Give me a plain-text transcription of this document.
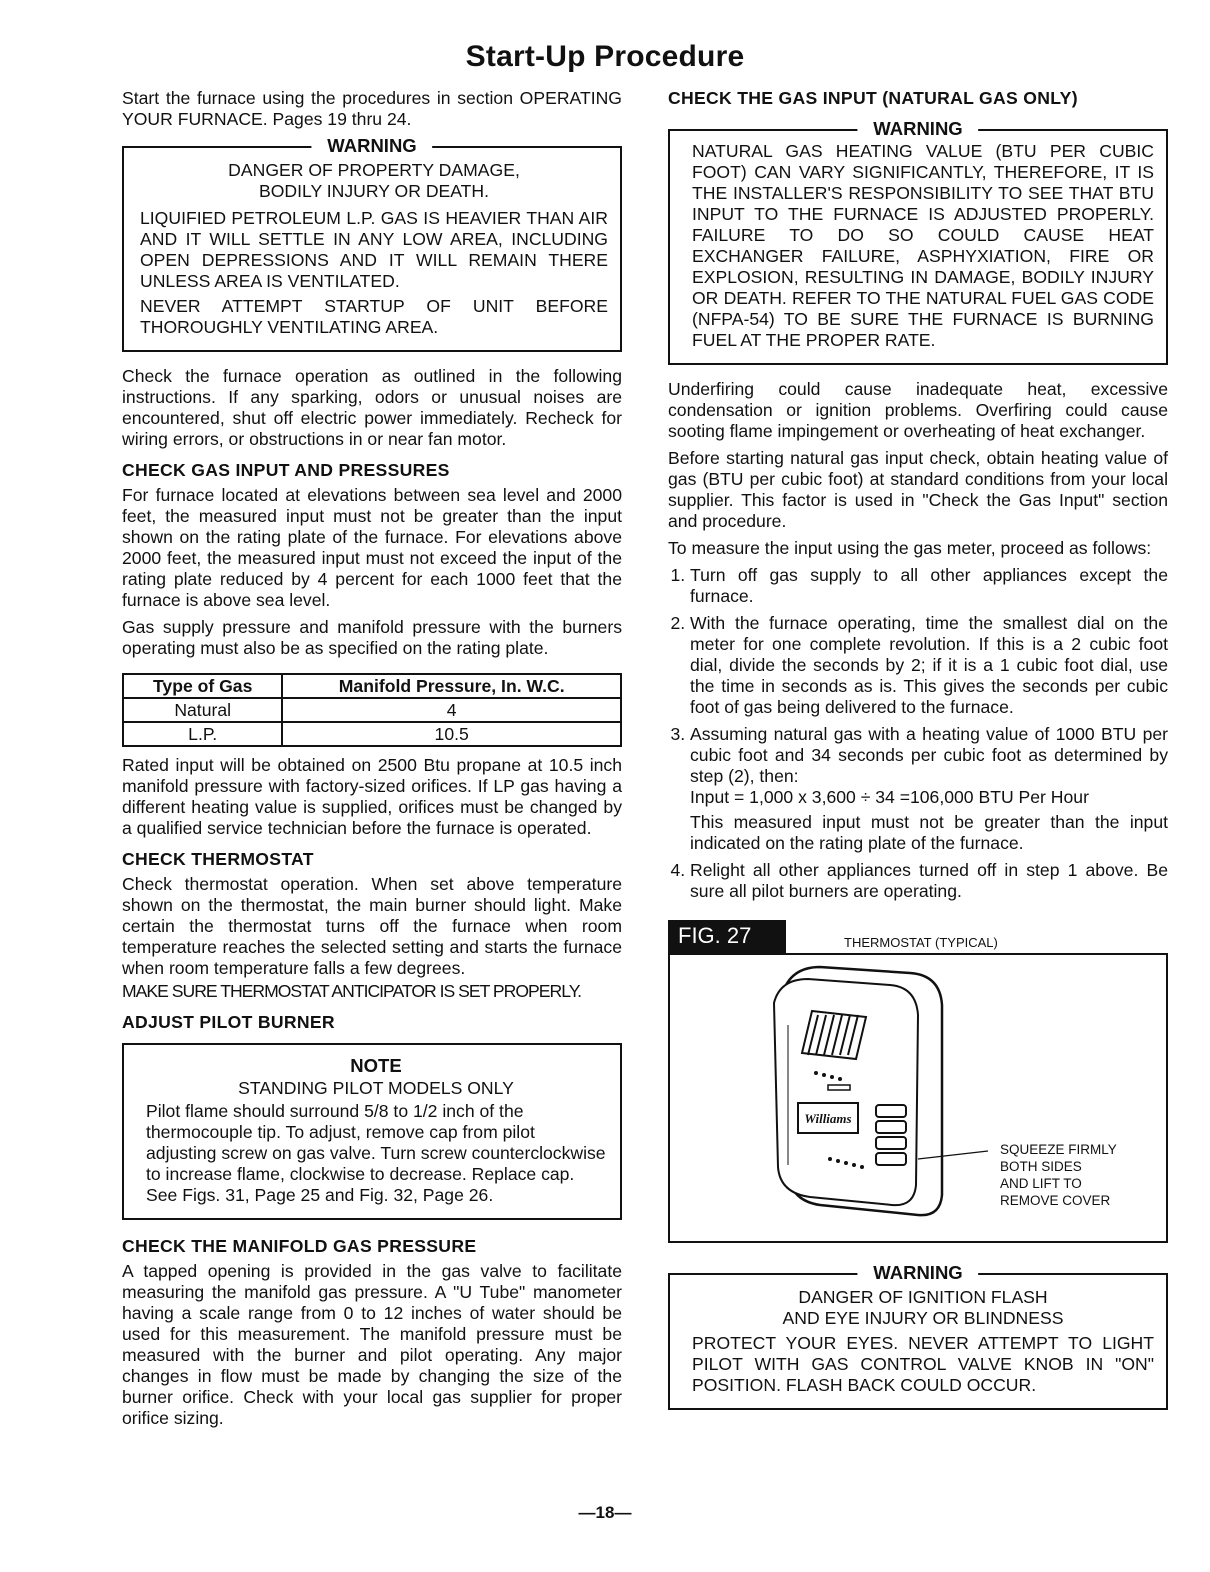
Start-Up Procedure

Start the furnace using the procedures in section OPERATING YOUR FURNACE. Pages 19 thru 24.

WARNING

DANGER OF PROPERTY DAMAGE,

BODILY INJURY OR DEATH.

LIQUIFIED PETROLEUM L.P. GAS IS HEAVIER THAN AIR AND IT WILL SETTLE IN ANY LOW AREA, INCLUDING OPEN DEPRESSIONS AND IT WILL REMAIN THERE UNLESS AREA IS VENTILATED.

NEVER ATTEMPT STARTUP OF UNIT BEFORE THOROUGHLY VENTILATING AREA.

Check the furnace operation as outlined in the following instructions. If any sparking, odors or unusual noises are encountered, shut off electric power immediately. Recheck for wiring errors, or obstructions in or near fan motor.

CHECK GAS INPUT AND PRESSURES

For furnace located at elevations between sea level and 2000 feet, the measured input must not be greater than the input shown on the rating plate of the furnace. For elevations above 2000 feet, the measured input must not exceed the input of the rating plate reduced by 4 percent for each 1000 feet that the furnace is above sea level.

Gas supply pressure and manifold pressure with the burners operating must also be as specified on the rating plate.

Type of Gas	Manifold Pressure, In. W.C.
Natural	4
L.P.	10.5

Rated input will be obtained on 2500 Btu propane at 10.5 inch manifold pressure with factory-sized orifices. If LP gas having a different heating value is supplied, orifices must be changed by a qualified service technician before the furnace is operated.

CHECK THERMOSTAT

Check thermostat operation. When set above temperature shown on the thermostat, the main burner should light. Make certain the thermostat turns off the furnace when room temperature reaches the selected setting and starts the furnace when room temperature falls a few degrees.

MAKE SURE THERMOSTAT ANTICIPATOR IS SET PROPERLY.

ADJUST PILOT BURNER

NOTE

STANDING PILOT MODELS ONLY

Pilot flame should surround 5/8 to 1/2 inch of the thermocouple tip. To adjust, remove cap from pilot adjusting screw on gas valve. Turn screw counterclockwise to increase flame, clockwise to decrease. Replace cap. See Figs. 31, Page 25 and Fig. 32, Page 26.

CHECK THE MANIFOLD GAS PRESSURE

A tapped opening is provided in the gas valve to facilitate measuring the manifold gas pressure. A "U Tube" manometer having a scale range from 0 to 12 inches of water should be used for this measurement. The manifold pressure must be measured with the burner and pilot operating. Any major changes in flow must be made by changing the size of the burner orifice. Check with your local gas supplier for proper orifice sizing.

CHECK THE GAS INPUT (NATURAL GAS ONLY)
WARNING

NATURAL GAS HEATING VALUE (BTU PER CUBIC FOOT) CAN VARY SIGNIFICANTLY, THEREFORE, IT IS THE INSTALLER'S RESPONSIBILITY TO SEE THAT BTU INPUT TO THE FURNACE IS ADJUSTED PROPERLY. FAILURE TO DO SO COULD CAUSE HEAT EXCHANGER FAILURE, ASPHYXIATION, FIRE OR EXPLOSION, RESULTING IN DAMAGE, BODILY INJURY OR DEATH. REFER TO THE NATURAL FUEL GAS CODE (NFPA-54) TO BE SURE THE FURNACE IS BURNING FUEL AT THE PROPER RATE.

Underfiring could cause inadequate heat, excessive condensation or ignition problems. Overfiring could cause sooting flame impingement or overheating of heat exchanger.

Before starting natural gas input check, obtain heating value of gas (BTU per cubic foot) at standard conditions from your local supplier. This factor is used in "Check the Gas Input" section and procedure.

To measure the input using the gas meter, proceed as follows:

1. Turn off gas supply to all other appliances except the furnace.
2. With the furnace operating, time the smallest dial on the meter for one complete revolution. If this is a 2 cubic foot dial, divide the seconds by 2; if it is a 1 cubic foot dial, use the time in seconds as is. This gives the seconds per cubic foot of gas being delivered to the furnace.
3. Assuming natural gas with a heating value of 1000 BTU per cubic foot and 34 seconds per cubic foot as determined by step (2), then:
Input = 1,000 x 3,600 ÷ 34 =106,000 BTU Per Hour
This measured input must not be greater than the input indicated on the rating plate of the furnace.
4. Relight all other appliances turned off in step 1 above. Be sure all pilot burners are operating.
FIG. 27	THERMOSTAT (TYPICAL)
Williams
SQUEEZE FIRMLY
BOTH SIDES
AND LIFT TO
REMOVE COVER
WARNING

DANGER OF IGNITION FLASH

AND EYE INJURY OR BLINDNESS

PROTECT YOUR EYES. NEVER ATTEMPT TO LIGHT PILOT WITH GAS CONTROL VALVE KNOB IN "ON" POSITION. FLASH BACK COULD OCCUR.

—18—
